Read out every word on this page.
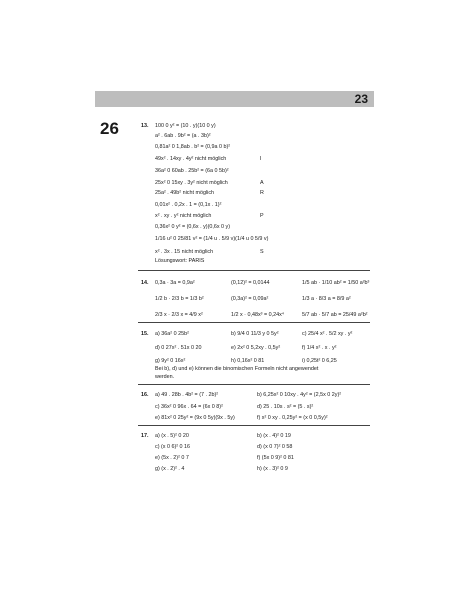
23
26	13. 100 0 y² = (10 . y)(10 0 y)
a² . 6ab . 9b² = (a . 3b)²
0,81a² 0 1,8ab . b² = (0,9a 0 b)²
49x² . 14xy . 4y² nicht möglich	I
36a² 0 60ab . 25b² = (6a 0 5b)²
25x² 0 15xy . 3y² nicht möglich	A
25a² . 49b² nicht möglich	R
0,01x² . 0,2x . 1 = (0,1x . 1)²
x² . xy . y² nicht möglich	P
0,36x² 0 y² = (0,6x . y)(0,6x 0 y)
1/16 u² 0 25/81 v² = (1/4 u . 5/9 v)(1/4 u 0 5/9 v)
x² . 3x . 15 nicht möglich	S
Lösungswort: PARIS
14. 0,3a · 3a = 0,9a²	(0,12)² = 0,0144	1/5 ab · 1/10 ab² = 1/50 a²b³
1/2 b · 2/3 b = 1/3 b²	(0,3a)² = 0,09a²	1/3 a · 8/3 a = 8/9 a²
2/3 x · 2/3 x = 4/9 x²	1/2 x · 0,48x³ = 0,24x⁴	5/7 ab · 5/7 ab = 25/49 a²b²
15. a) 36a² 0 25b²	b) 9/4 0 11/3 y 0 5y²	c) 25/4 x² . 5/2 xy . y²
d) 0 27x² . 51x 0 20	e) 2x² 0 5,2xy . 0,5y²	f) 1/4 x² . x . y²
g) 9y² 0 16x²	h) 0,16x² 0 81	i) 0,25t² 0 6,25
Bei b), d) und e) können die binomischen Formeln nicht angewendet
werden.
16. a) 49 . 28b . 4b² = (7 . 2b)²	b) 6,25x² 0 10xy . 4y² = (2,5x 0 2y)²
c) 36x² 0 96x . 64 = (6x 0 8)²	d) 25 . 10s . s² = (5 . s)²
e) 81x² 0 25y² = (9x 0 5y)(9x . 5y)	f) x² 0 xy . 0,25y² = (x 0 0,5y)²
17. a) (x . 5)² 0 20	b) (x . 4)² 0 19
c) (x 0 6)² 0 16	d) (x 0 7)² 0 58
e) (5x . 2)² 0 7	f) (5x 0 9)² 0 81
g) (x . 2)² . 4	h) (x . 3)² 0 9
